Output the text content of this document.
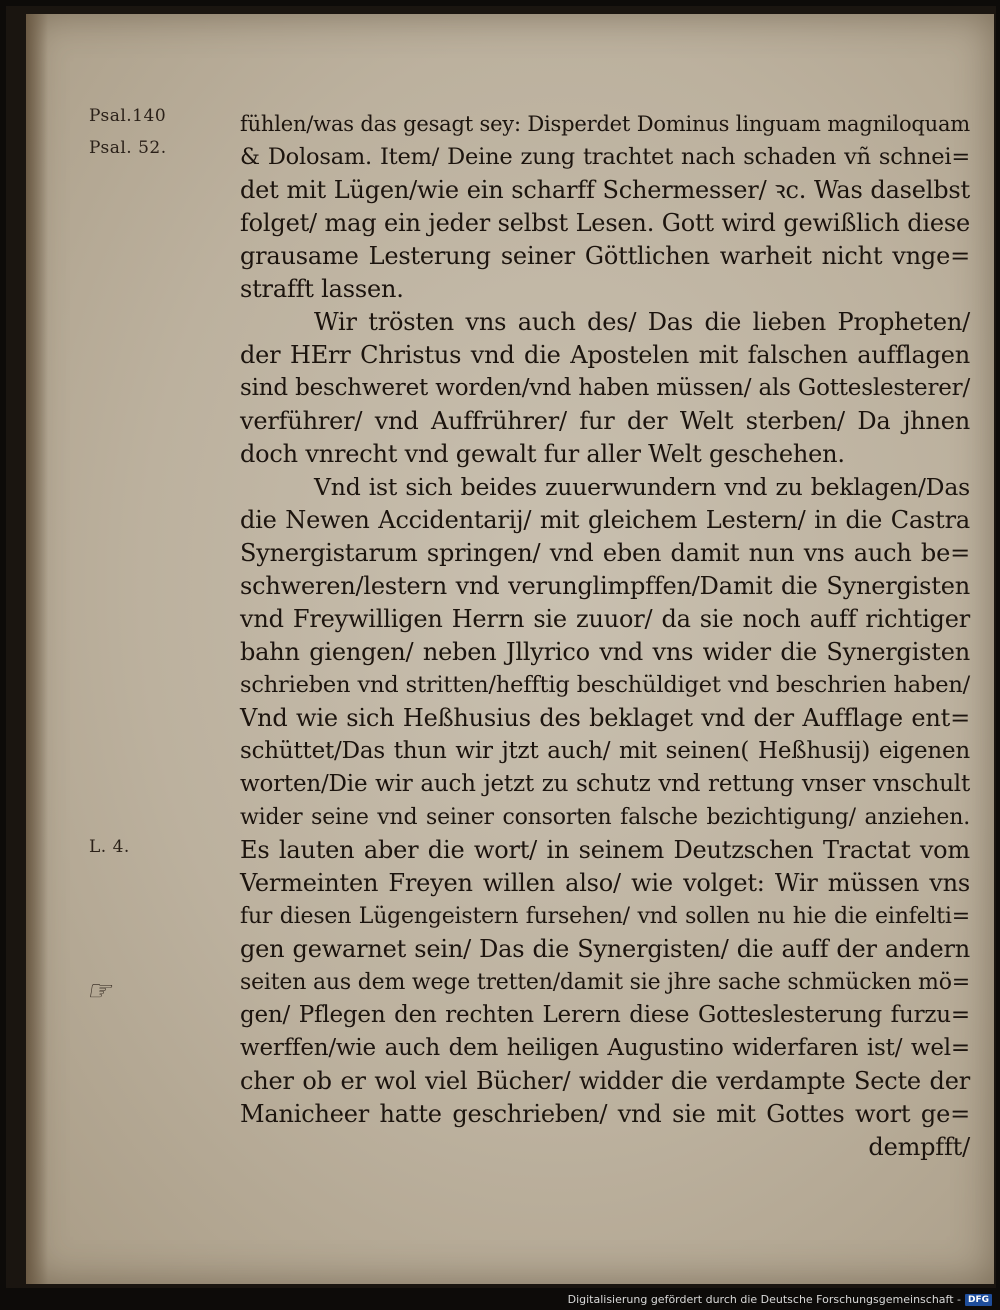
Psal.140
Psal. 52.
L. 4.
☞
fühlen/was das gesagt sey: Disperdet Dominus linguam magniloquam
& Dolosam. Item/ Deine zung trachtet nach schaden vñ schnei=
det mit Lügen/wie ein scharff Schermesser/ ꝛc. Was daselbst
folget/ mag ein jeder selbst Lesen. Gott wird gewißlich diese
grausame Lesterung seiner Göttlichen warheit nicht vnge=
strafft lassen.
Wir trösten vns auch des/ Das die lieben Propheten/
der HErr Christus vnd die Apostelen mit falschen aufflagen
sind beschweret worden/vnd haben müssen/ als Gotteslesterer/
verführer/ vnd Auffrührer/ fur der Welt sterben/ Da jhnen
doch vnrecht vnd gewalt fur aller Welt geschehen.
Vnd ist sich beides zuuerwundern vnd zu beklagen/Das
die Newen Accidentarij/ mit gleichem Lestern/ in die Castra
Synergistarum springen/ vnd eben damit nun vns auch be=
schweren/lestern vnd verunglimpffen/Damit die Synergisten
vnd Freywilligen Herrn sie zuuor/ da sie noch auff richtiger
bahn giengen/ neben Jllyrico vnd vns wider die Synergisten
schrieben vnd stritten/hefftig beschüldiget vnd beschrien haben/
Vnd wie sich Heßhusius des beklaget vnd der Aufflage ent=
schüttet/Das thun wir jtzt auch/ mit seinen( Heßhusij) eigenen
worten/Die wir auch jetzt zu schutz vnd rettung vnser vnschult
wider seine vnd seiner consorten falsche bezichtigung/ anziehen.
Es lauten aber die wort/ in seinem Deutzschen Tractat vom
Vermeinten Freyen willen also/ wie volget: Wir müssen vns
fur diesen Lügengeistern fursehen/ vnd sollen nu hie die einfelti=
gen gewarnet sein/ Das die Synergisten/ die auff der andern
seiten aus dem wege tretten/damit sie jhre sache schmücken mö=
gen/ Pflegen den rechten Lerern diese Gotteslesterung furzu=
werffen/wie auch dem heiligen Augustino widerfaren ist/ wel=
cher ob er wol viel Bücher/ widder die verdampte Secte der
Manicheer hatte geschrieben/ vnd sie mit Gottes wort ge=
dempfft/
Digitalisierung gefördert durch die Deutsche Forschungsgemeinschaft - DFG
